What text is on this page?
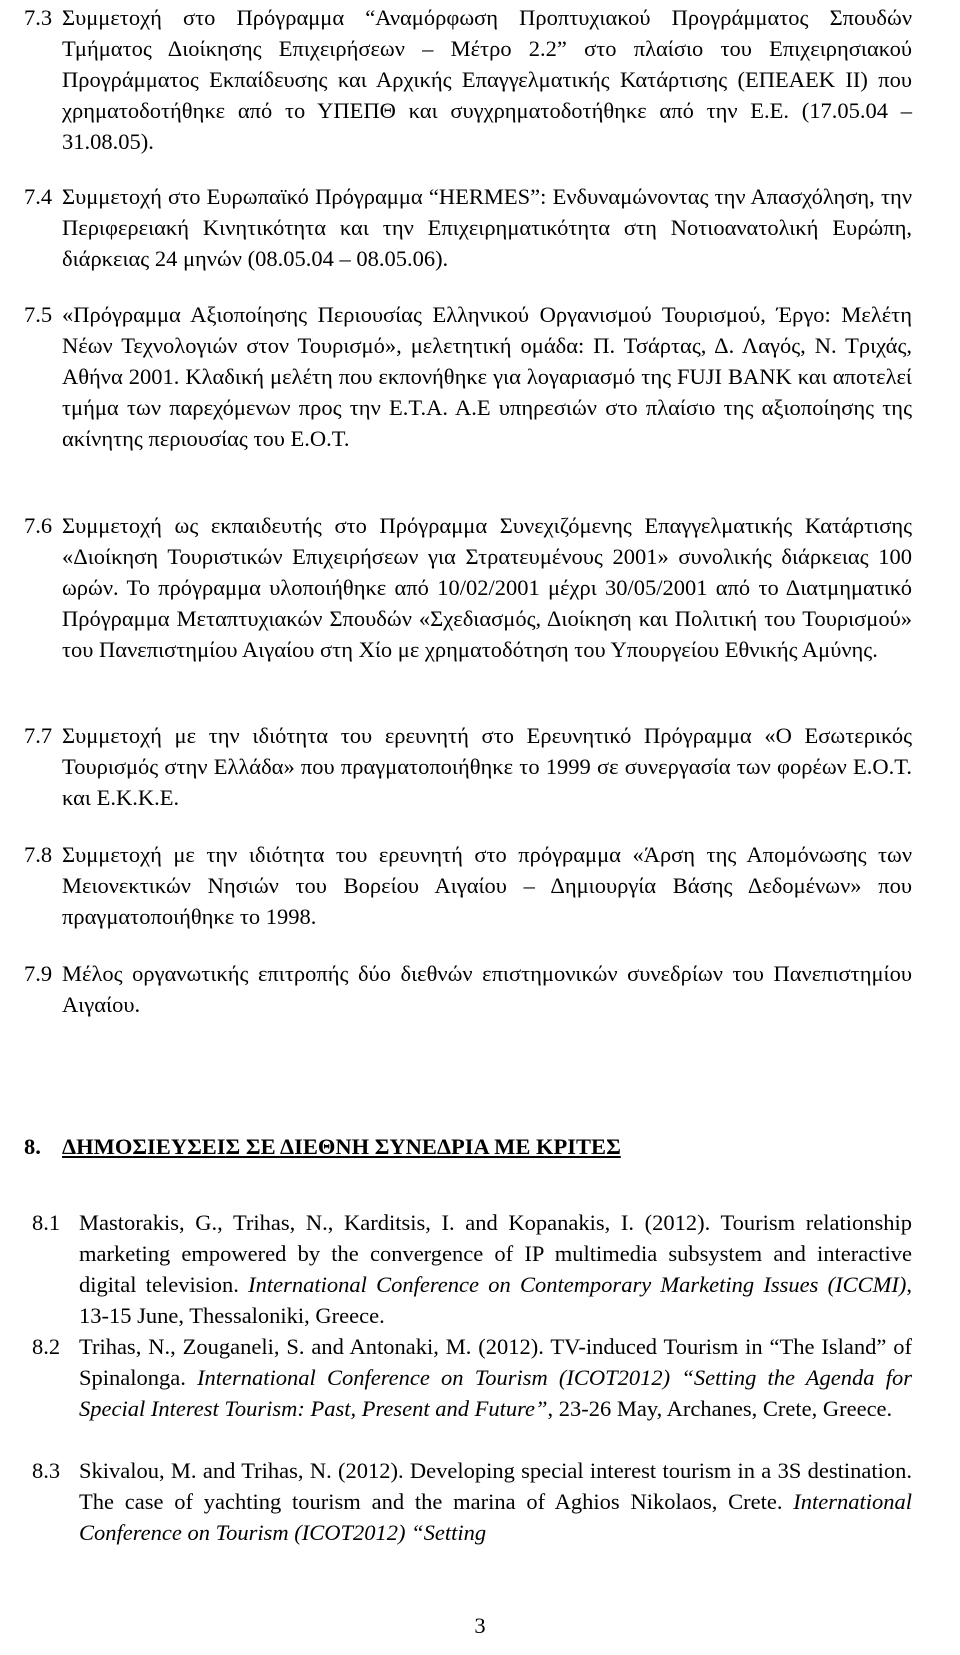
7.3 Συμμετοχή στο Πρόγραμμα “Αναμόρφωση Προπτυχιακού Προγράμματος Σπουδών Τμήματος Διοίκησης Επιχειρήσεων – Μέτρο 2.2” στο πλαίσιο του Επιχειρησιακού Προγράμματος Εκπαίδευσης και Αρχικής Επαγγελματικής Κατάρτισης (ΕΠΕΑΕΚ ΙΙ) που χρηματοδοτήθηκε από το ΥΠΕΠΘ και συγχρηματοδοτήθηκε από την Ε.Ε. (17.05.04 – 31.08.05).
7.4 Συμμετοχή στο Ευρωπαϊκό Πρόγραμμα “HERMES”: Ενδυναμώνοντας την Απασχόληση, την Περιφερειακή Κινητικότητα και την Επιχειρηματικότητα στη Νοτιοανατολική Ευρώπη, διάρκειας 24 μηνών (08.05.04 – 08.05.06).
7.5 «Πρόγραμμα Αξιοποίησης Περιουσίας Ελληνικού Οργανισμού Τουρισμού, Έργο: Μελέτη Νέων Τεχνολογιών στον Τουρισμό», μελετητική ομάδα: Π. Τσάρτας, Δ. Λαγός, Ν. Τριχάς, Αθήνα 2001. Κλαδική μελέτη που εκπονήθηκε για λογαριασμό της FUJI BANK και αποτελεί τμήμα των παρεχόμενων προς την Ε.Τ.Α. Α.Ε υπηρεσιών στο πλαίσιο της αξιοποίησης της ακίνητης περιουσίας του Ε.Ο.Τ.
7.6 Συμμετοχή ως εκπαιδευτής στο Πρόγραμμα Συνεχιζόμενης Επαγγελματικής Κατάρτισης «Διοίκηση Τουριστικών Επιχειρήσεων για Στρατευμένους 2001» συνολικής διάρκειας 100 ωρών. Το πρόγραμμα υλοποιήθηκε από 10/02/2001 μέχρι 30/05/2001 από το Διατμηματικό Πρόγραμμα Μεταπτυχιακών Σπουδών «Σχεδιασμός, Διοίκηση και Πολιτική του Τουρισμού» του Πανεπιστημίου Αιγαίου στη Χίο με χρηματοδότηση του Υπουργείου Εθνικής Αμύνης.
7.7 Συμμετοχή με την ιδιότητα του ερευνητή στο Ερευνητικό Πρόγραμμα «Ο Εσωτερικός Τουρισμός στην Ελλάδα» που πραγματοποιήθηκε το 1999 σε συνεργασία των φορέων Ε.Ο.Τ. και Ε.Κ.Κ.Ε.
7.8 Συμμετοχή με την ιδιότητα του ερευνητή στο πρόγραμμα «Άρση της Απομόνωσης των Μειονεκτικών Νησιών του Βορείου Αιγαίου – Δημιουργία Βάσης Δεδομένων» που πραγματοποιήθηκε το 1998.
7.9 Μέλος οργανωτικής επιτροπής δύο διεθνών επιστημονικών συνεδρίων του Πανεπιστημίου Αιγαίου.
8. ΔΗΜΟΣΙΕΥΣΕΙΣ ΣΕ ΔΙΕΘΝΗ ΣΥΝΕΔΡΙΑ ΜΕ ΚΡΙΤΕΣ
8.1 Mastorakis, G., Trihas, N., Karditsis, I. and Kopanakis, I. (2012). Tourism relationship marketing empowered by the convergence of IP multimedia subsystem and interactive digital television. International Conference on Contemporary Marketing Issues (ICCMI), 13-15 June, Thessaloniki, Greece.
8.2 Trihas, N., Zouganeli, S. and Antonaki, M. (2012). TV-induced Tourism in “The Island” of Spinalonga. International Conference on Tourism (ICOT2012) “Setting the Agenda for Special Interest Tourism: Past, Present and Future”, 23-26 May, Archanes, Crete, Greece.
8.3 Skivalou, M. and Trihas, N. (2012). Developing special interest tourism in a 3S destination. The case of yachting tourism and the marina of Aghios Nikolaos, Crete. International Conference on Tourism (ICOT2012) “Setting
3
